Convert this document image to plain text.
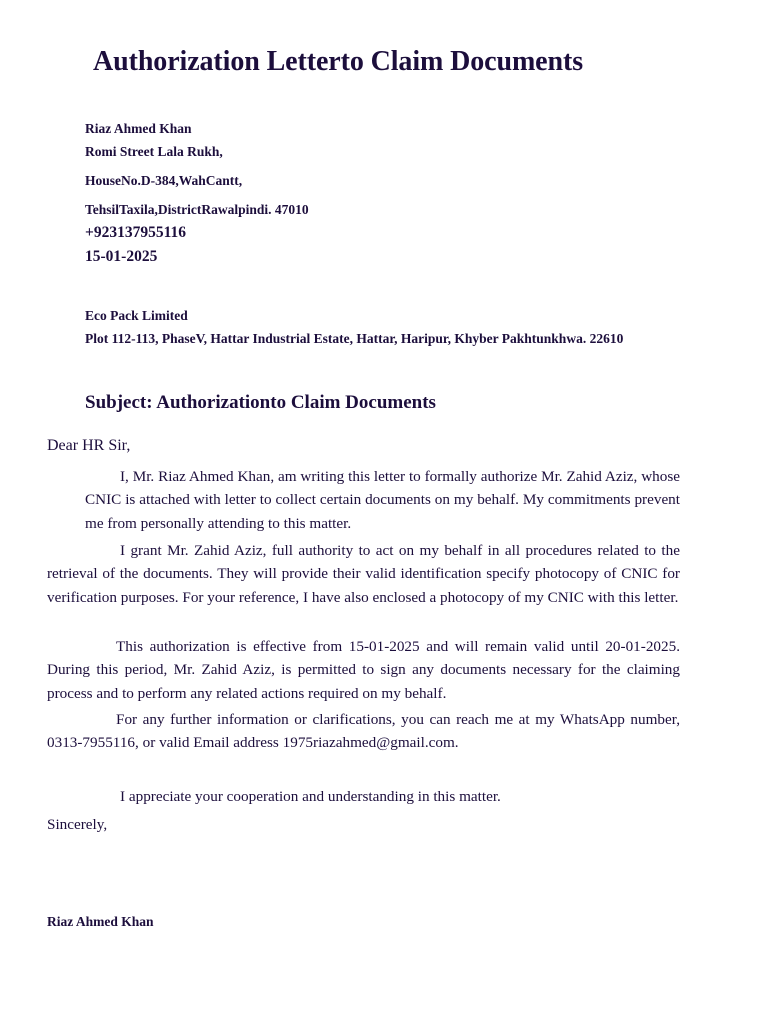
Authorization Letterto Claim Documents
Riaz Ahmed Khan
Romi Street Lala Rukh,
HouseNo.D-384,WahCantt,
TehsilTaxila,DistrictRawalpindi. 47010
+923137955116
15-01-2025
Eco Pack Limited
Plot 112-113, PhaseV, Hattar Industrial Estate, Hattar, Haripur, Khyber Pakhtunkhwa. 22610
Subject: Authorizationto Claim Documents
Dear HR Sir,

I, Mr. Riaz Ahmed Khan, am writing this letter to formally authorize Mr. Zahid Aziz, whose CNIC is attached with letter to collect certain documents on my behalf. My commitments prevent me from personally attending to this matter.

I grant Mr. Zahid Aziz, full authority to act on my behalf in all procedures related to the retrieval of the documents. They will provide their valid identification specify photocopy of CNIC for verification purposes. For your reference, I have also enclosed a photocopy of my CNIC with this letter.

This authorization is effective from 15-01-2025 and will remain valid until 20-01-2025. During this period, Mr. Zahid Aziz, is permitted to sign any documents necessary for the claiming process and to perform any related actions required on my behalf.

For any further information or clarifications, you can reach me at my WhatsApp number, 0313-7955116, or valid Email address 1975riazahmed@gmail.com.

I appreciate your cooperation and understanding in this matter.
Sincerely,
Riaz Ahmed Khan
